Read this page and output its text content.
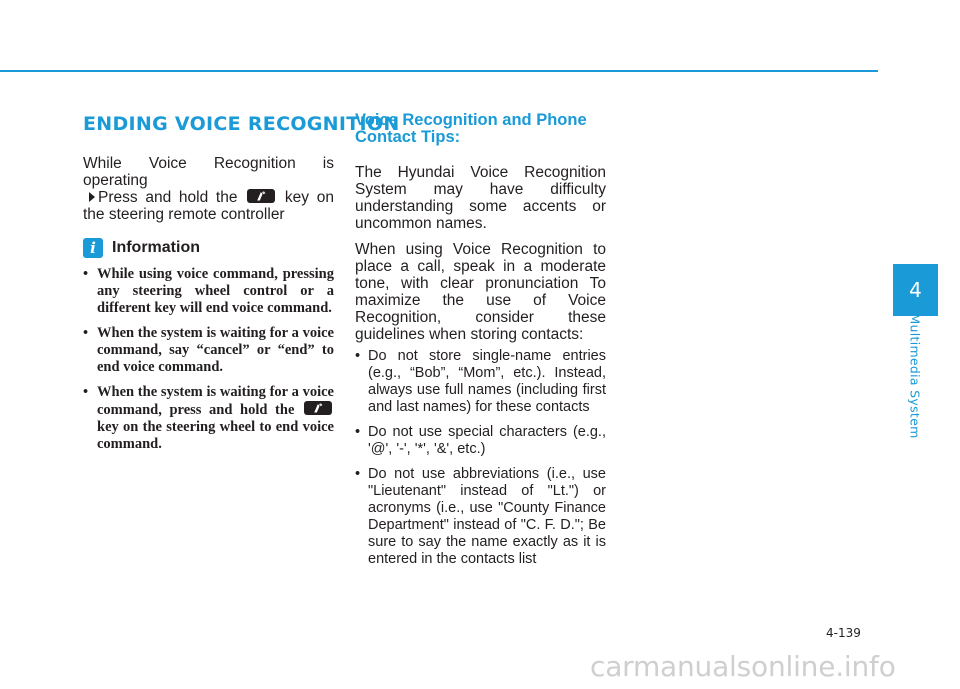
ENDING VOICE RECOGNITION

While Voice Recognition is operating

Press and hold the	key on the steering remote controller

i	Information
• While using voice command, pressing any steering wheel control or a different key will end voice command.
• When the system is waiting for a voice command, say “cancel” or “end” to end voice command.
• When the system is waiting for a voice command, press and hold the
key on the steering wheel to end voice command.
Voice Recognition and Phone Contact Tips:

The Hyundai Voice Recognition System may have difficulty understanding some accents or uncommon names.

When using Voice Recognition to place a call, speak in a moderate tone, with clear pronunciation To maximize the use of Voice Recognition, consider these guidelines when storing contacts:

• Do not store single-name entries (e.g., “Bob”, “Mom”, etc.). Instead, always use full names (including first and last names) for these contacts
• Do not use special characters (e.g., '@', '-', '*', '&', etc.)
• Do not use abbreviations (i.e., use "Lieutenant" instead of "Lt.") or acronyms (i.e., use "County Finance Department" instead of "C. F. D."; Be sure to say the name exactly as it is entered in the contacts list
4
Multimedia System
4-139
carmanualsonline.info
